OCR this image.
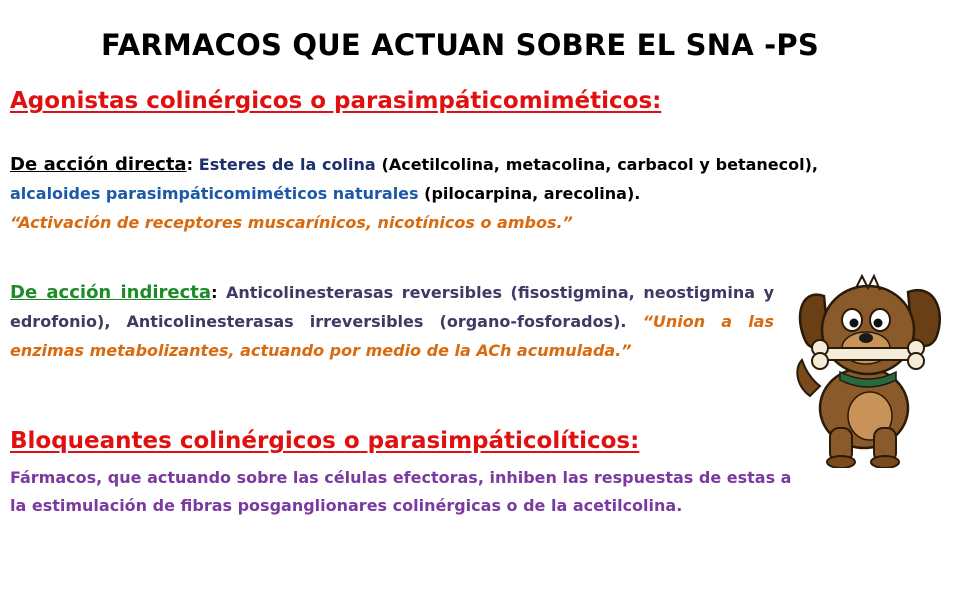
FARMACOS QUE ACTUAN SOBRE EL SNA -PS
Agonistas colinérgicos o parasimpáticomiméticos:

De acción directa: Esteres de la colina (Acetilcolina, metacolina, carbacol y betanecol), alcaloides parasimpáticomiméticos naturales (pilocarpina, arecolina).
“Activación de receptores muscarínicos, nicotínicos o ambos.”

De acción indirecta: Anticolinesterasas reversibles (fisostigmina, neostigmina y edrofonio), Anticolinesterasas irreversibles (organo-fosforados). “Union a las enzimas metabolizantes, actuando por medio de la ACh acumulada.”

Bloqueantes colinérgicos o parasimpáticolíticos:

Fármacos, que actuando sobre las células efectoras, inhiben las respuestas de estas a la estimulación de fibras posganglionares colinérgicas o de la acetilcolina.
